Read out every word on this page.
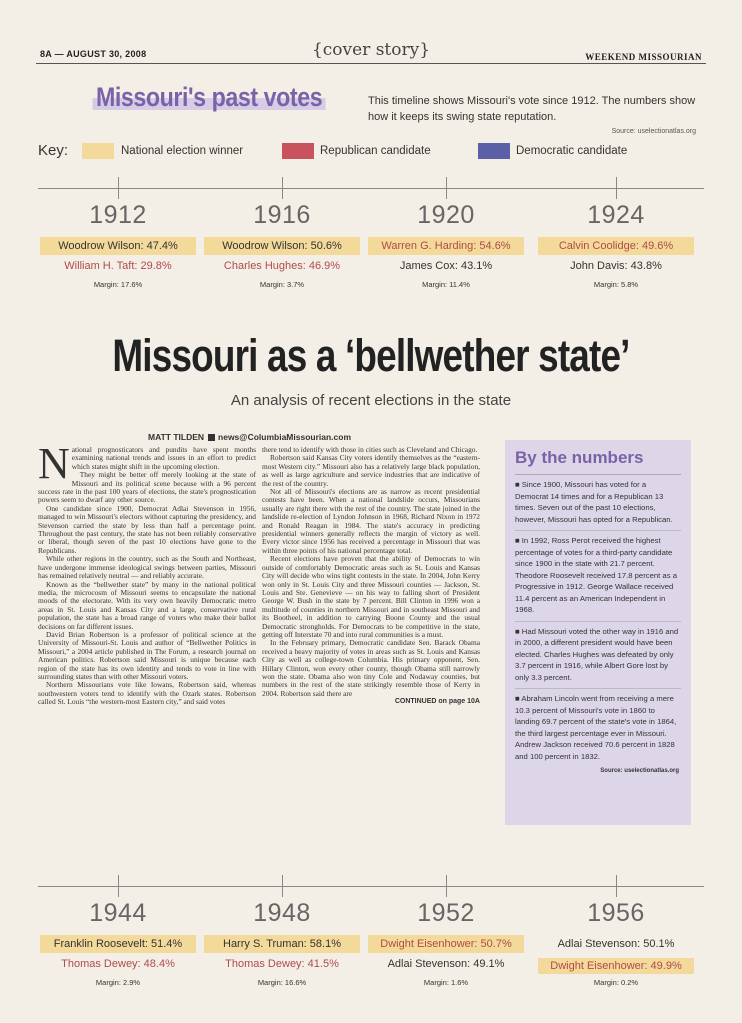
8A — AUGUST 30, 2008	{cover story}	WEEKEND MISSOURIAN
Missouri's past votes	This timeline shows Missouri's vote since 1912. The numbers show how it keeps its swing state reputation.
Source: uselectionatlas.org
Key:	National election winner	Republican candidate	Democratic candidate
1912
Woodrow Wilson: 47.4%
William H. Taft: 29.8%
Margin: 17.6%
1916
Woodrow Wilson: 50.6%
Charles Hughes: 46.9%
Margin: 3.7%
1920
Warren G. Harding: 54.6%
James Cox: 43.1%
Margin: 11.4%
1924
Calvin Coolidge: 49.6%
John Davis: 43.8%
Margin: 5.8%
Missouri as a ‘bellwether state’
An analysis of recent elections in the state
MATT TILDEN news@ColumbiaMissourian.com
N ational prognosticators and pundits have spent months examining national trends and issues in an effort to predict which states might shift in the upcoming election.

They might be better off merely looking at the state of Missouri and its political scene because with a 96 percent success rate in the past 100 years of elections, the state's prognostication powers seem to dwarf any other source.

One candidate since 1900, Democrat Adlai Stevenson in 1956, managed to win Missouri's electors without capturing the presidency, and Stevenson carried the state by less than half a percentage point. Throughout the past century, the state has not been reliably conservative or liberal, though seven of the past 10 elections have gone to the Republicans.

While other regions in the country, such as the South and Northeast, have undergone immense ideological swings between parties, Missouri has remained relatively neutral — and reliably accurate.

Known as the “bellwether state” by many in the national political media, the microcosm of Missouri seems to encapsulate the national moods of the electorate. With its very own heavily Democratic metro areas in St. Louis and Kansas City and a large, conservative rural population, the state has a broad range of voters who make their ballot decisions on far different issues.

David Brian Robertson is a professor of political science at the University of Missouri-St. Louis and author of “Bellwether Politics in Missouri,” a 2004 article published in The Forum, a research journal on American politics. Robertson said Missouri is unique because each region of the state has its own identity and tends to vote in line with surrounding states than with other Missouri voters.

Northern Missourians vote like Iowans, Robertson said, whereas southwestern voters tend to identify with the Ozark states. Robertson called St. Louis “the western-most Eastern city,” and said votes

there tend to identify with those in cities such as Cleveland and Chicago.

Robertson said Kansas City voters identify themselves as the “eastern-most Western city.” Missouri also has a relatively large black population, as well as large agriculture and service industries that are indicative of the rest of the country.

Not all of Missouri's elections are as narrow as recent presidential contests have been. When a national landslide occurs, Missourians usually are right there with the rest of the country. The state joined in the landslide re-election of Lyndon Johnson in 1968, Richard Nixon in 1972 and Ronald Reagan in 1984. The state's accuracy in predicting presidential winners generally reflects the margin of victory as well. Every victor since 1956 has received a percentage in Missouri that was within three points of his national percentage total.

Recent elections have proven that the ability of Democrats to win outside of comfortably Democratic areas such as St. Louis and Kansas City will decide who wins tight contests in the state. In 2004, John Kerry won only in St. Louis City and three Missouri counties — Jackson, St. Louis and Ste. Genevieve — on his way to falling short of President George W. Bush in the state by 7 percent. Bill Clinton in 1996 won a multitude of counties in northern Missouri and in southeast Missouri and its Bootheel, in addition to carrying Boone County and the usual Democratic strongholds. For Democrats to be competitive in the state, getting off Interstate 70 and into rural communities is a must.

In the February primary, Democratic candidate Sen. Barack Obama received a heavy majority of votes in areas such as St. Louis and Kansas City as well as college-town Columbia. His primary opponent, Sen. Hillary Clinton, won every other county, though Obama still narrowly won the state. Obama also won tiny Cole and Nodaway counties, but numbers in the rest of the state strikingly resemble those of Kerry in 2004. Robertson said there are

CONTINUED on page 10A
By the numbers
■ Since 1900, Missouri has voted for a Democrat 14 times and for a Republican 13 times. Seven out of the past 10 elections, however, Missouri has opted for a Republican.
■ In 1992, Ross Perot received the highest percentage of votes for a third-party candidate since 1900 in the state with 21.7 percent. Theodore Roosevelt received 17.8 percent as a Progressive in 1912. George Wallace received 11.4 percent as an American Independent in 1968.
■ Had Missouri voted the other way in 1916 and in 2000, a different president would have been elected. Charles Hughes was defeated by only 3.7 percent in 1916, while Albert Gore lost by only 3.3 percent.
■ Abraham Lincoln went from receiving a mere 10.3 percent of Missouri's vote in 1860 to landing 69.7 percent of the state's vote in 1864, the third largest percentage ever in Missouri. Andrew Jackson received 70.6 percent in 1828 and 100 percent in 1832.
Source: uselectionatlas.org
1944
Franklin Roosevelt: 51.4%
Thomas Dewey: 48.4%
Margin: 2.9%
1948
Harry S. Truman: 58.1%
Thomas Dewey: 41.5%
Margin: 16.6%
1952
Dwight Eisenhower: 50.7%
Adlai Stevenson: 49.1%
Margin: 1.6%
1956
Adlai Stevenson: 50.1%
Dwight Eisenhower: 49.9%
Margin: 0.2%
